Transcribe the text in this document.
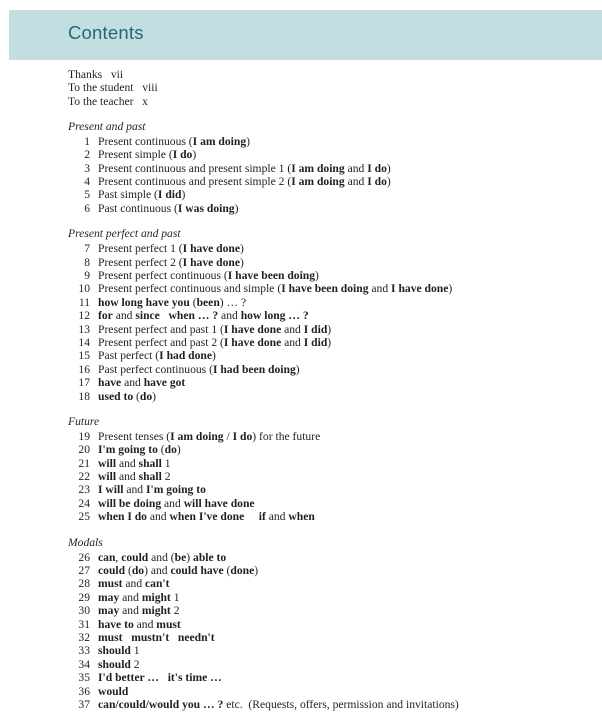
Contents
Thanks   vii
To the student   viii
To the teacher   x
Present and past
1 Present continuous (I am doing)
2 Present simple (I do)
3 Present continuous and present simple 1 (I am doing and I do)
4 Present continuous and present simple 2 (I am doing and I do)
5 Past simple (I did)
6 Past continuous (I was doing)
Present perfect and past
7 Present perfect 1 (I have done)
8 Present perfect 2 (I have done)
9 Present perfect continuous (I have been doing)
10 Present perfect continuous and simple (I have been doing and I have done)
11 how long have you (been) … ?
12 for and since when … ? and how long … ?
13 Present perfect and past 1 (I have done and I did)
14 Present perfect and past 2 (I have done and I did)
15 Past perfect (I had done)
16 Past perfect continuous (I had been doing)
17 have and have got
18 used to (do)
Future
19 Present tenses (I am doing / I do) for the future
20 I'm going to (do)
21 will and shall 1
22 will and shall 2
23 I will and I'm going to
24 will be doing and will have done
25 when I do and when I've done if and when
Modals
26 can, could and (be) able to
27 could (do) and could have (done)
28 must and can't
29 may and might 1
30 may and might 2
31 have to and must
32 must mustn't needn't
33 should 1
34 should 2
35 I'd better … it's time …
36 would
37 can/could/would you … ? etc.  (Requests, offers, permission and invitations)
